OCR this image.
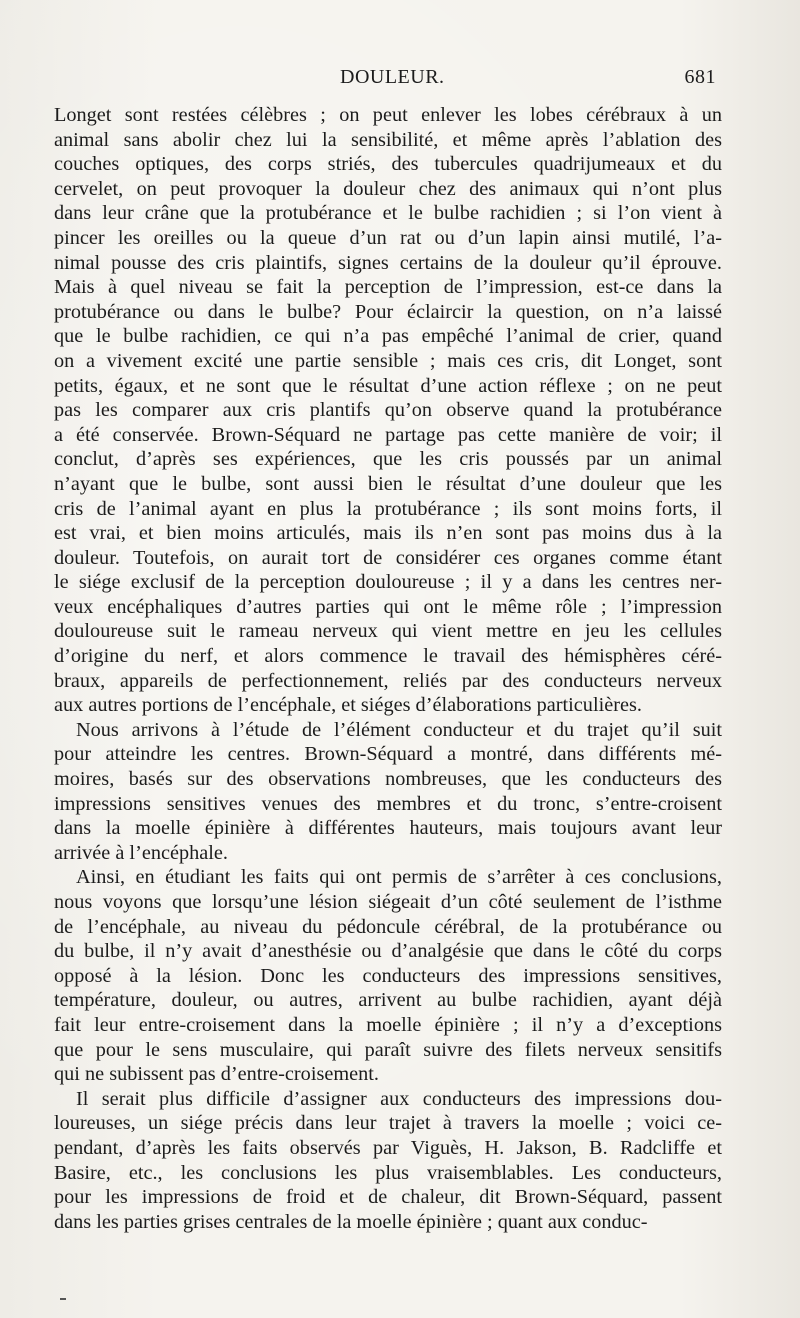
DOULEUR.	681
Longet sont restées célèbres ; on peut enlever les lobes cérébraux à un
animal sans abolir chez lui la sensibilité, et même après l’ablation des
couches optiques, des corps striés, des tubercules quadrijumeaux et du
cervelet, on peut provoquer la douleur chez des animaux qui n’ont plus
dans leur crâne que la protubérance et le bulbe rachidien ; si l’on vient à
pincer les oreilles ou la queue d’un rat ou d’un lapin ainsi mutilé, l’a-
nimal pousse des cris plaintifs, signes certains de la douleur qu’il éprouve.
Mais à quel niveau se fait la perception de l’impression, est-ce dans la
protubérance ou dans le bulbe? Pour éclaircir la question, on n’a laissé
que le bulbe rachidien, ce qui n’a pas empêché l’animal de crier, quand
on a vivement excité une partie sensible ; mais ces cris, dit Longet, sont
petits, égaux, et ne sont que le résultat d’une action réflexe ; on ne peut
pas les comparer aux cris plantifs qu’on observe quand la protubérance
a été conservée. Brown-Séquard ne partage pas cette manière de voir; il
conclut, d’après ses expériences, que les cris poussés par un animal
n’ayant que le bulbe, sont aussi bien le résultat d’une douleur que les
cris de l’animal ayant en plus la protubérance ; ils sont moins forts, il
est vrai, et bien moins articulés, mais ils n’en sont pas moins dus à la
douleur. Toutefois, on aurait tort de considérer ces organes comme étant
le siége exclusif de la perception douloureuse ; il y a dans les centres ner-
veux encéphaliques d’autres parties qui ont le même rôle ; l’impression
douloureuse suit le rameau nerveux qui vient mettre en jeu les cellules
d’origine du nerf, et alors commence le travail des hémisphères céré-
braux, appareils de perfectionnement, reliés par des conducteurs nerveux
aux autres portions de l’encéphale, et siéges d’élaborations particulières.
Nous arrivons à l’étude de l’élément conducteur et du trajet qu’il suit
pour atteindre les centres. Brown-Séquard a montré, dans différents mé-
moires, basés sur des observations nombreuses, que les conducteurs des
impressions sensitives venues des membres et du tronc, s’entre-croisent
dans la moelle épinière à différentes hauteurs, mais toujours avant leur
arrivée à l’encéphale.
Ainsi, en étudiant les faits qui ont permis de s’arrêter à ces conclusions,
nous voyons que lorsqu’une lésion siégeait d’un côté seulement de l’isthme
de l’encéphale, au niveau du pédoncule cérébral, de la protubérance ou
du bulbe, il n’y avait d’anesthésie ou d’analgésie que dans le côté du corps
opposé à la lésion. Donc les conducteurs des impressions sensitives,
température, douleur, ou autres, arrivent au bulbe rachidien, ayant déjà
fait leur entre-croisement dans la moelle épinière ; il n’y a d’exceptions
que pour le sens musculaire, qui paraît suivre des filets nerveux sensitifs
qui ne subissent pas d’entre-croisement.
Il serait plus difficile d’assigner aux conducteurs des impressions dou-
loureuses, un siége précis dans leur trajet à travers la moelle ; voici ce-
pendant, d’après les faits observés par Viguès, H. Jakson, B. Radcliffe et
Basire, etc., les conclusions les plus vraisemblables. Les conducteurs,
pour les impressions de froid et de chaleur, dit Brown-Séquard, passent
dans les parties grises centrales de la moelle épinière ; quant aux conduc-
